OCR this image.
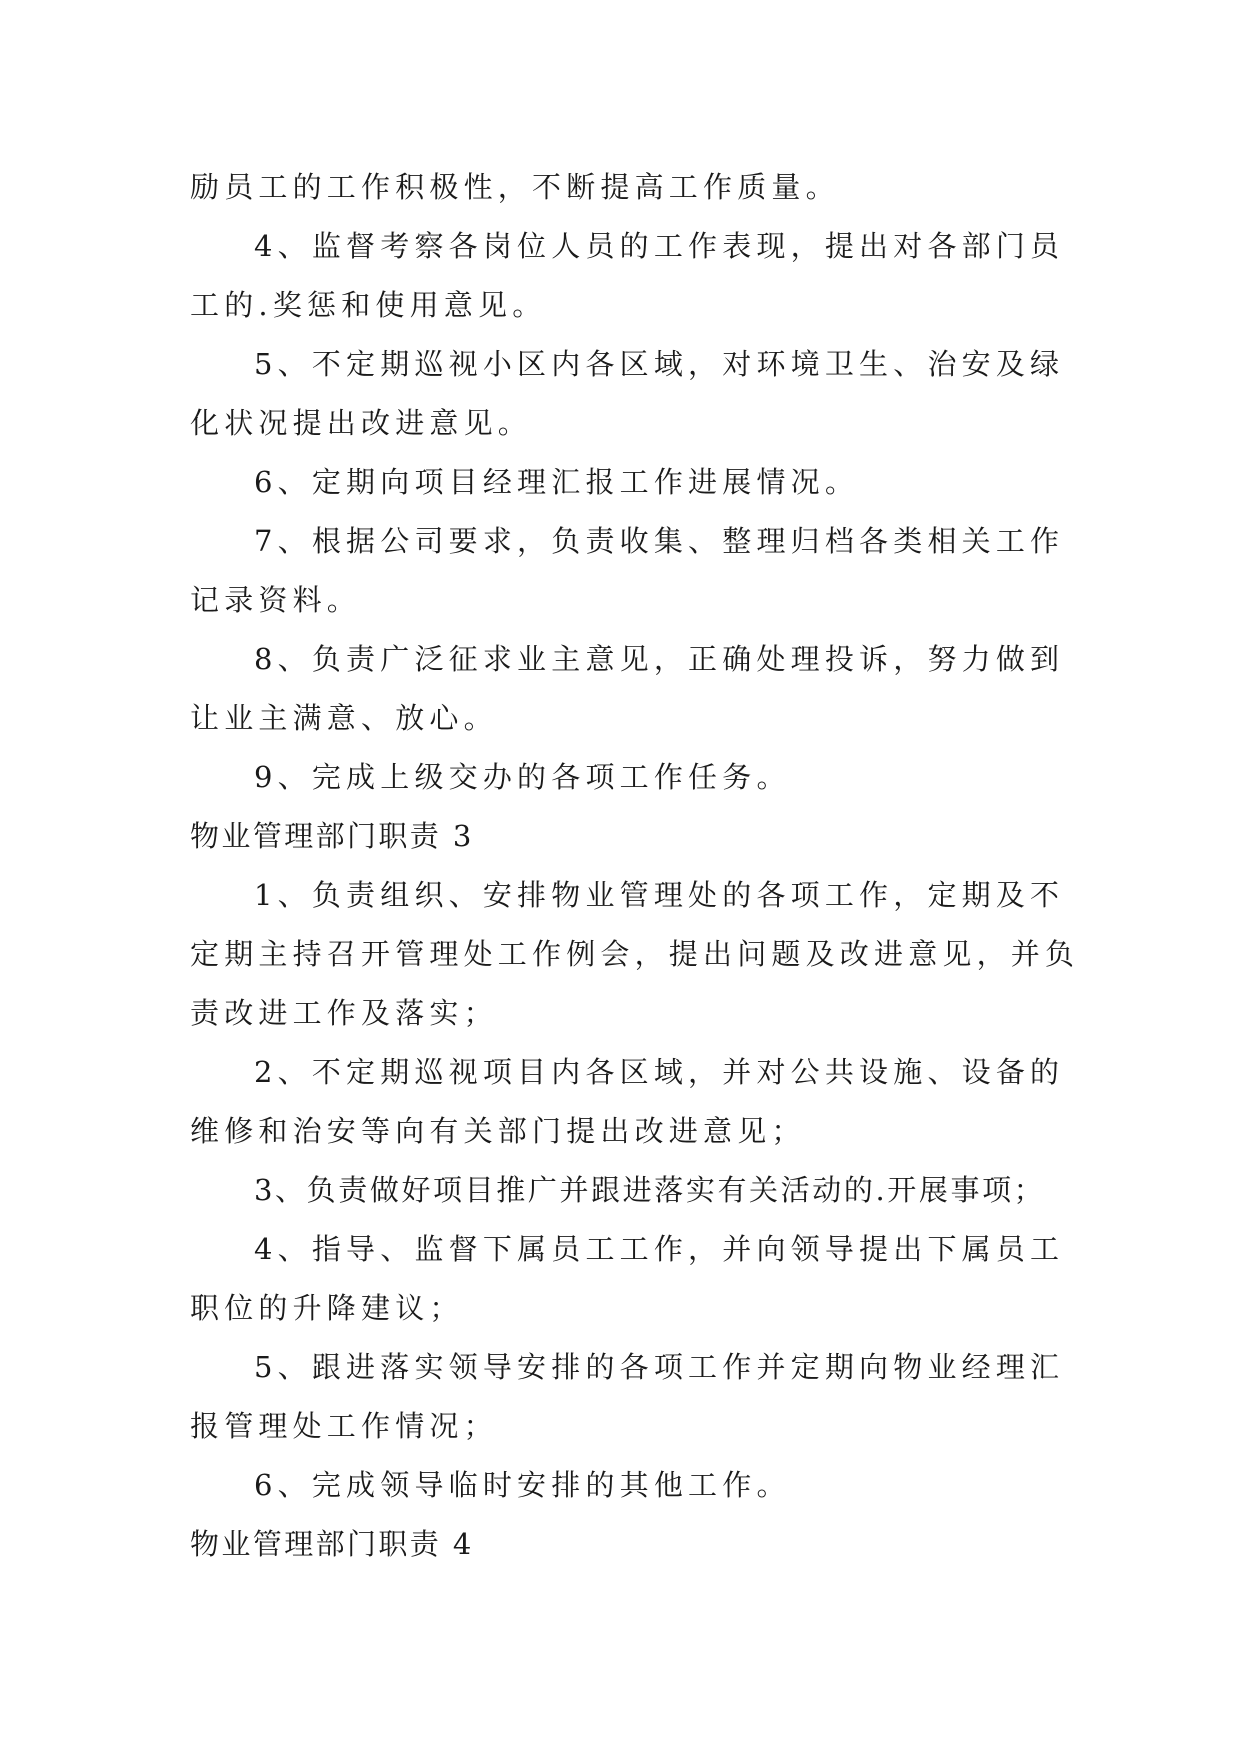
励员工的工作积极性，不断提高工作质量。
4、监督考察各岗位人员的工作表现，提出对各部门员
工的.奖惩和使用意见。
5、不定期巡视小区内各区域，对环境卫生、治安及绿
化状况提出改进意见。
6、定期向项目经理汇报工作进展情况。
7、根据公司要求，负责收集、整理归档各类相关工作
记录资料。
8、负责广泛征求业主意见，正确处理投诉，努力做到
让业主满意、放心。
9、完成上级交办的各项工作任务。
物业管理部门职责 3
1、负责组织、安排物业管理处的各项工作，定期及不
定期主持召开管理处工作例会，提出问题及改进意见，并负
责改进工作及落实；
2、不定期巡视项目内各区域，并对公共设施、设备的
维修和治安等向有关部门提出改进意见；
3、负责做好项目推广并跟进落实有关活动的.开展事项；
4、指导、监督下属员工工作，并向领导提出下属员工
职位的升降建议；
5、跟进落实领导安排的各项工作并定期向物业经理汇
报管理处工作情况；
6、完成领导临时安排的其他工作。
物业管理部门职责 4
